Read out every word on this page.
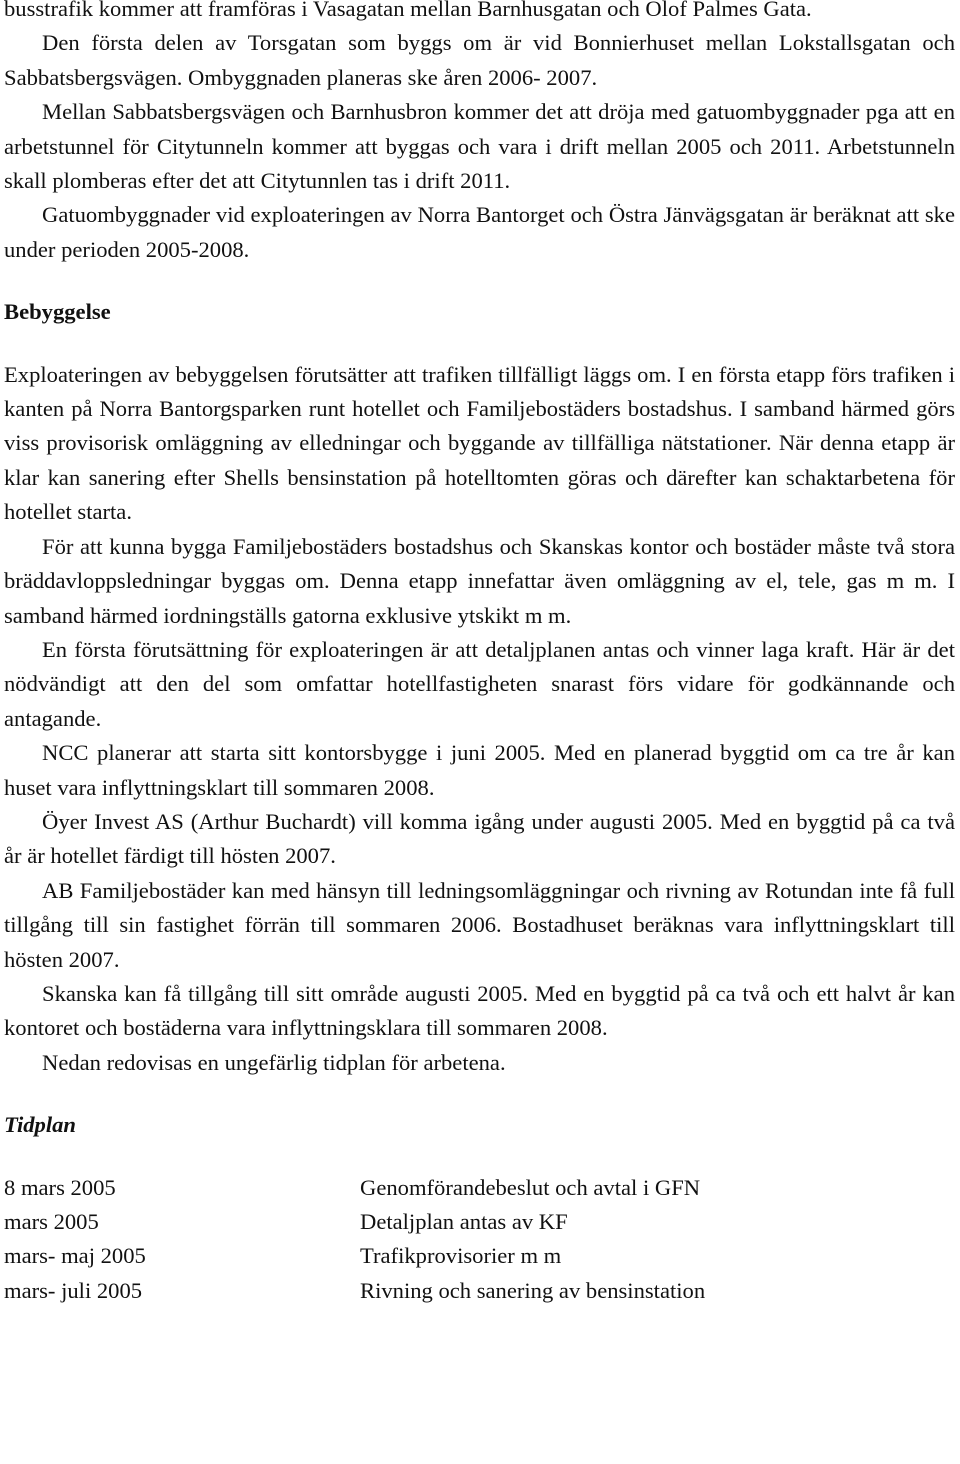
busstrafik kommer att framföras i Vasagatan mellan Barnhusgatan och Olof Palmes Gata.

Den första delen av Torsgatan som byggs om är vid Bonnierhuset mellan Lokstallsgatan och Sabbatsbergsvägen. Ombyggnaden planeras ske åren 2006- 2007.

Mellan Sabbatsbergsvägen och Barnhusbron kommer det att dröja med gatuombyggnader pga att en arbetstunnel för Citytunneln kommer att byggas och vara i drift mellan 2005 och 2011. Arbetstunneln skall plomberas efter det att Citytunnlen tas i drift 2011.

Gatuombyggnader vid exploateringen av Norra Bantorget och Östra Jänvägsgatan är beräknat att ske under perioden 2005-2008.

Bebyggelse

Exploateringen av bebyggelsen förutsätter att trafiken tillfälligt läggs om. I en första etapp förs trafiken i kanten på Norra Bantorgsparken runt hotellet och Familjebostäders bostadshus. I samband härmed görs viss provisorisk omläggning av elledningar och byggande av tillfälliga nätstationer. När denna etapp är klar kan sanering efter Shells bensinstation på hotelltomten göras och därefter kan schaktarbetena för hotellet starta.

För att kunna bygga Familjebostäders bostadshus och Skanskas kontor och bostäder måste två stora bräddavloppsledningar byggas om. Denna etapp innefattar även omläggning av el, tele, gas m m. I samband härmed iordningställs gatorna exklusive ytskikt m m.

En första förutsättning för exploateringen är att detaljplanen antas och vinner laga kraft. Här är det nödvändigt att den del som omfattar hotellfastigheten snarast förs vidare för godkännande och antagande.

NCC planerar att starta sitt kontorsbygge i juni 2005. Med en planerad byggtid om ca tre år kan huset vara inflyttningsklart till sommaren 2008.

Öyer Invest AS (Arthur Buchardt) vill komma igång under augusti 2005. Med en byggtid på ca två år är hotellet färdigt till hösten 2007.

AB Familjebostäder kan med hänsyn till ledningsomläggningar och rivning av Rotundan inte få full tillgång till sin fastighet förrän till sommaren 2006. Bostadhuset beräknas vara inflyttningsklart till hösten 2007.

Skanska kan få tillgång till sitt område augusti 2005. Med en byggtid på ca två och ett halvt år kan kontoret och bostäderna vara inflyttningsklara till sommaren 2008.

Nedan redovisas en ungefärlig tidplan för arbetena.

Tidplan
8 mars 2005	Genomförandebeslut och avtal i GFN
mars 2005	Detaljplan antas av KF
mars- maj 2005	Trafikprovisorier m m
mars- juli 2005	Rivning och sanering av bensinstation
